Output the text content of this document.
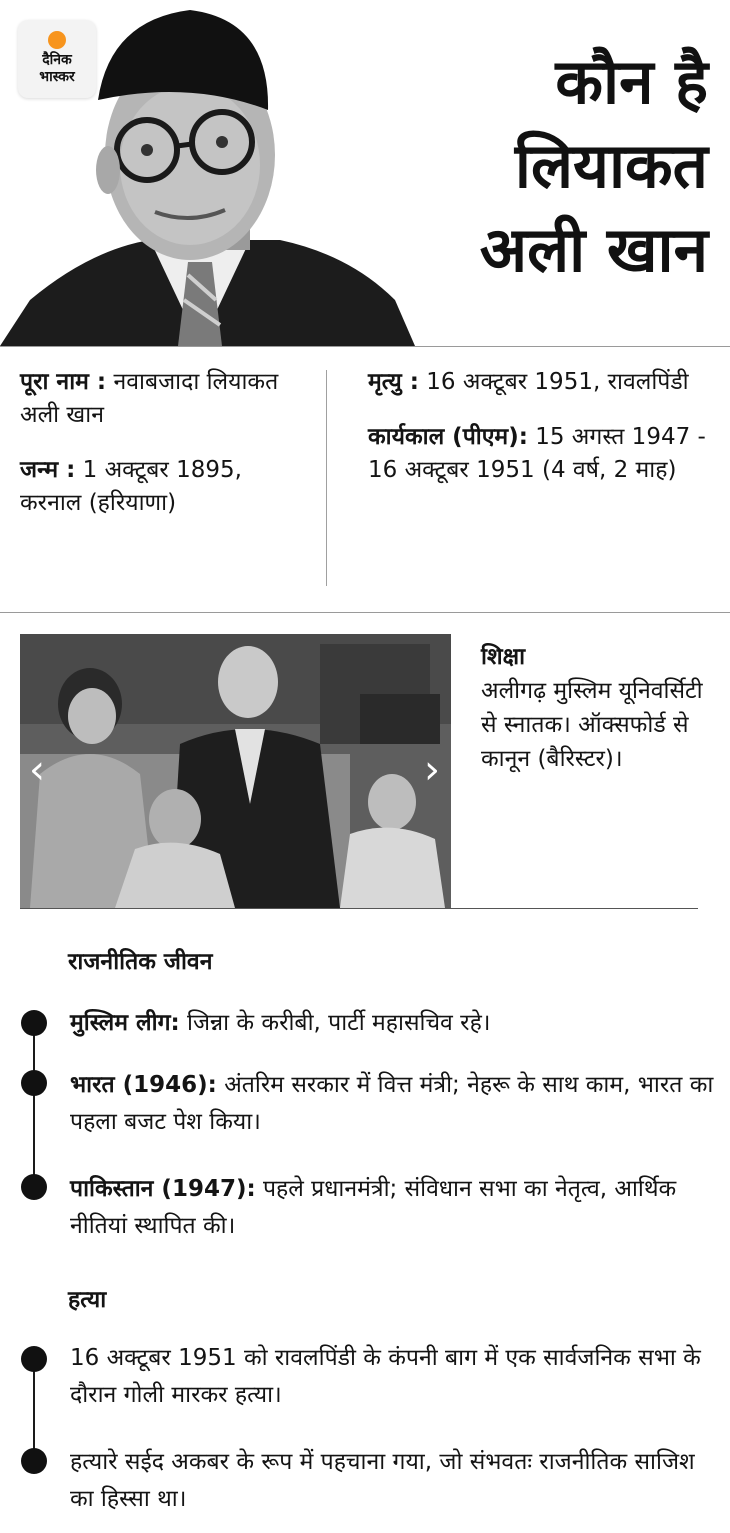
दैनिक
भास्कर	कौन है
लियाकत
अली खान
पूरा नाम : नवाबजादा लियाकत अली खान
जन्म : 1 अक्टूबर 1895, करनाल (हरियाणा)
मृत्यु : 16 अक्टूबर 1951, रावलपिंडी
कार्यकाल (पीएम): 15 अगस्त 1947 - 16 अक्टूबर 1951 (4 वर्ष, 2 माह)
‹	›
शिक्षा
अलीगढ़ मुस्लिम यूनिवर्सिटी से स्नातक। ऑक्सफोर्ड से कानून (बैरिस्टर)।
राजनीतिक जीवन
मुस्लिम लीग: जिन्ना के करीबी, पार्टी महासचिव रहे।
भारत (1946): अंतरिम सरकार में वित्त मंत्री; नेहरू के साथ काम, भारत का पहला बजट पेश किया।
पाकिस्तान (1947): पहले प्रधानमंत्री; संविधान सभा का नेतृत्व, आर्थिक नीतियां स्थापित की।
हत्या
16 अक्टूबर 1951 को रावलपिंडी के कंपनी बाग में एक सार्वजनिक सभा के दौरान गोली मारकर हत्या।
हत्यारे सईद अकबर के रूप में पहचाना गया, जो संभवतः राजनीतिक साजिश का हिस्सा था।
